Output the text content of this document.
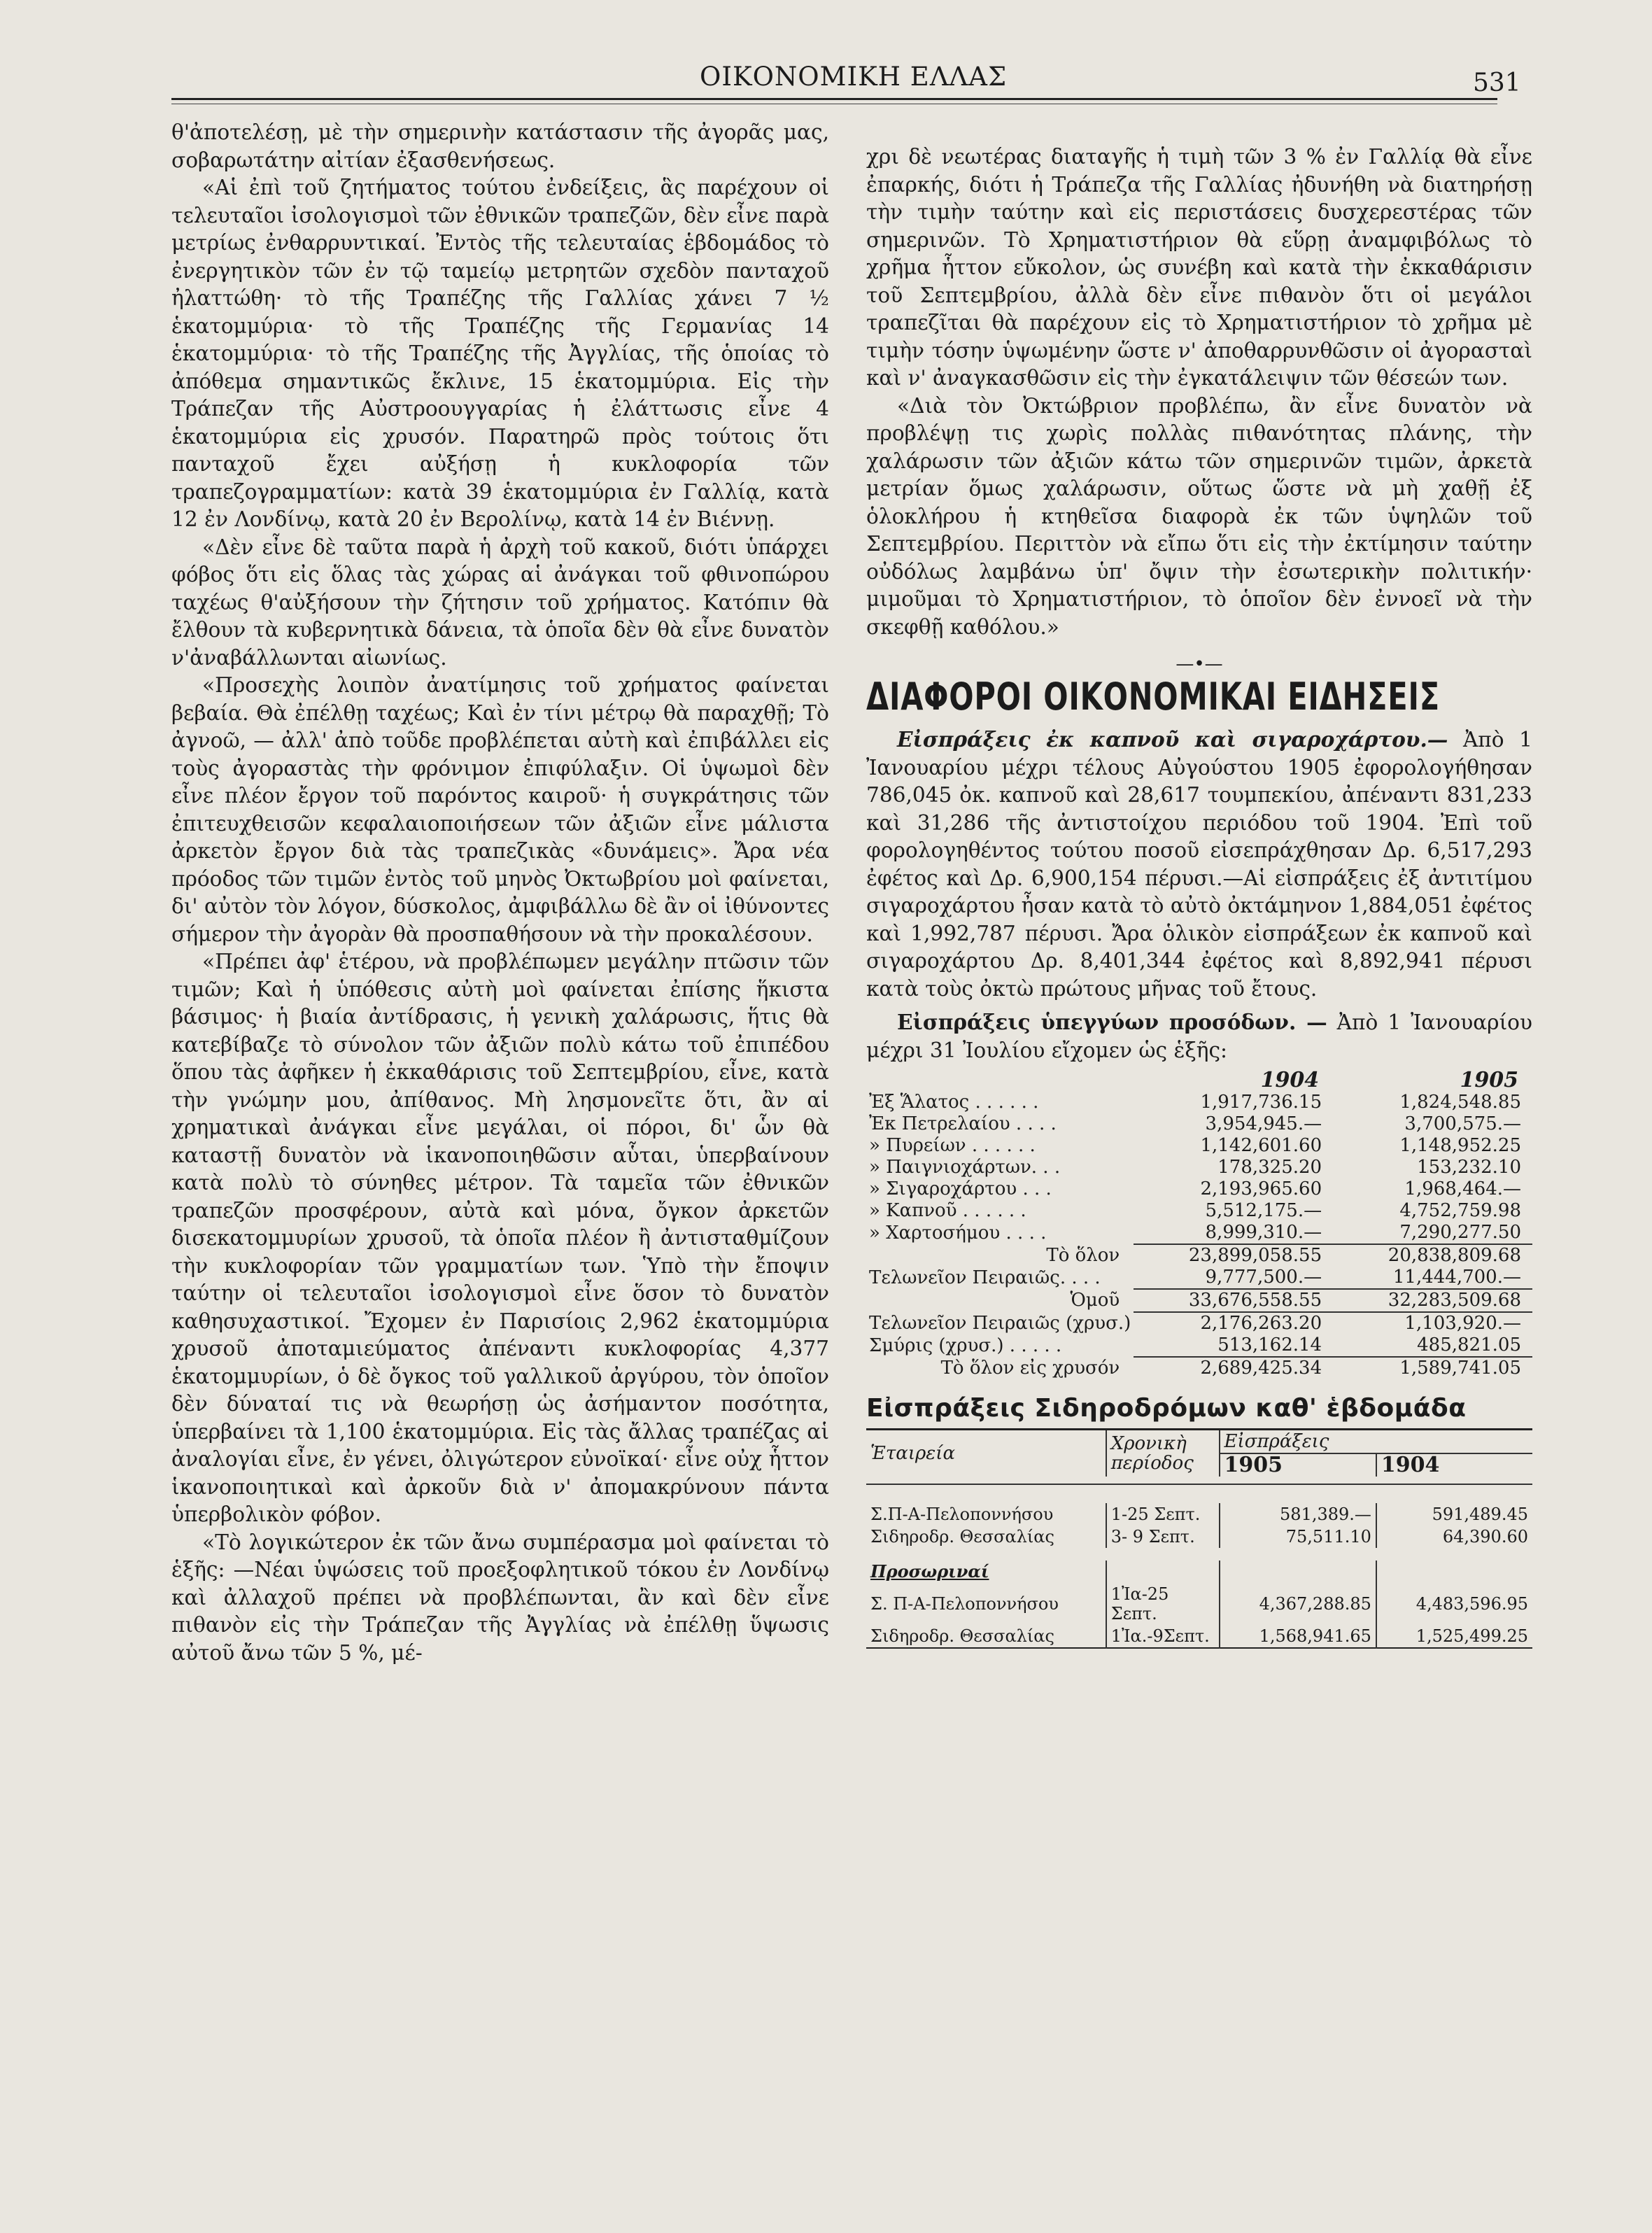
ΟΙΚΟΝΟΜΙΚΗ ΕΛΛΑΣ	531

θ'ἀποτελέσῃ, μὲ τὴν σημερινὴν κατάστασιν τῆς ἀγορᾶς μας, σοβαρωτάτην αἰτίαν ἐξασθενήσεως.

«Αἱ ἐπὶ τοῦ ζητήματος τούτου ἐνδείξεις, ἃς παρέχουν οἱ τελευταῖοι ἰσολογισμοὶ τῶν ἐθνικῶν τραπεζῶν, δὲν εἶνε παρὰ μετρίως ἐνθαρρυντικαί. Ἐντὸς τῆς τελευταίας ἑβδομάδος τὸ ἐνεργητικὸν τῶν ἐν τῷ ταμείῳ μετρητῶν σχεδὸν πανταχοῦ ἠλαττώθη· τὸ τῆς Τραπέζης τῆς Γαλλίας χάνει 7 ½ ἑκατομμύρια· τὸ τῆς Τραπέζης τῆς Γερμανίας 14 ἑκατομμύρια· τὸ τῆς Τραπέζης τῆς Ἀγγλίας, τῆς ὁποίας τὸ ἀπόθεμα σημαντικῶς ἔκλινε, 15 ἑκατομμύρια. Εἰς τὴν Τράπεζαν τῆς Αὐστροουγγαρίας ἡ ἐλάττωσις εἶνε 4 ἑκατομμύρια εἰς χρυσόν. Παρατηρῶ πρὸς τούτοις ὅτι πανταχοῦ ἔχει αὐξήσῃ ἡ κυκλοφορία τῶν τραπεζογραμματίων: κατὰ 39 ἑκατομμύρια ἐν Γαλλίᾳ, κατὰ 12 ἐν Λονδίνῳ, κατὰ 20 ἐν Βερολίνῳ, κατὰ 14 ἐν Βιέννῃ.

«Δὲν εἶνε δὲ ταῦτα παρὰ ἡ ἀρχὴ τοῦ κακοῦ, διότι ὑπάρχει φόβος ὅτι εἰς ὅλας τὰς χώρας αἱ ἀνάγκαι τοῦ φθινοπώρου ταχέως θ'αὐξήσουν τὴν ζήτησιν τοῦ χρήματος. Κατόπιν θὰ ἔλθουν τὰ κυβερνητικὰ δάνεια, τὰ ὁποῖα δὲν θὰ εἶνε δυνατὸν ν'ἀναβάλλωνται αἰωνίως.

«Προσεχὴς λοιπὸν ἀνατίμησις τοῦ χρήματος φαίνεται βεβαία. Θὰ ἐπέλθῃ ταχέως; Καὶ ἐν τίνι μέτρῳ θὰ παραχθῇ; Τὸ ἀγνοῶ, — ἀλλ' ἀπὸ τοῦδε προβλέπεται αὐτὴ καὶ ἐπιβάλλει εἰς τοὺς ἀγοραστὰς τὴν φρόνιμον ἐπιφύλαξιν. Οἱ ὑψωμοὶ δὲν εἶνε πλέον ἔργον τοῦ παρόντος καιροῦ· ἡ συγκράτησις τῶν ἐπιτευχθεισῶν κεφαλαιοποιήσεων τῶν ἀξιῶν εἶνε μάλιστα ἀρκετὸν ἔργον διὰ τὰς τραπεζικὰς «δυνάμεις». Ἄρα νέα πρόοδος τῶν τιμῶν ἐντὸς τοῦ μηνὸς Ὀκτωβρίου μοὶ φαίνεται, δι' αὐτὸν τὸν λόγον, δύσκολος, ἀμφιβάλλω δὲ ἂν οἱ ἰθύνοντες σήμερον τὴν ἀγορὰν θὰ προσπαθήσουν νὰ τὴν προκαλέσουν.

«Πρέπει ἀφ' ἑτέρου, νὰ προβλέπωμεν μεγάλην πτῶσιν τῶν τιμῶν; Καὶ ἡ ὑπόθεσις αὐτὴ μοὶ φαίνεται ἐπίσης ἥκιστα βάσιμος· ἡ βιαία ἀντίδρασις, ἡ γενικὴ χαλάρωσις, ἥτις θὰ κατεβίβαζε τὸ σύνολον τῶν ἀξιῶν πολὺ κάτω τοῦ ἐπιπέδου ὅπου τὰς ἀφῆκεν ἡ ἐκκαθάρισις τοῦ Σεπτεμβρίου, εἶνε, κατὰ τὴν γνώμην μου, ἀπίθανος. Μὴ λησμονεῖτε ὅτι, ἂν αἱ χρηματικαὶ ἀνάγκαι εἶνε μεγάλαι, οἱ πόροι, δι' ὧν θὰ καταστῇ δυνατὸν νὰ ἱκανοποιηθῶσιν αὗται, ὑπερβαίνουν κατὰ πολὺ τὸ σύνηθες μέτρον. Τὰ ταμεῖα τῶν ἐθνικῶν τραπεζῶν προσφέρουν, αὐτὰ καὶ μόνα, ὄγκον ἀρκετῶν δισεκατομμυρίων χρυσοῦ, τὰ ὁποῖα πλέον ἢ ἀντισταθμίζουν τὴν κυκλοφορίαν τῶν γραμματίων των. Ὑπὸ τὴν ἔποψιν ταύτην οἱ τελευταῖοι ἰσολογισμοὶ εἶνε ὅσον τὸ δυνατὸν καθησυχαστικοί. Ἔχομεν ἐν Παρισίοις 2,962 ἑκατομμύρια χρυσοῦ ἀποταμιεύματος ἀπέναντι κυκλοφορίας 4,377 ἑκατομμυρίων, ὁ δὲ ὄγκος τοῦ γαλλικοῦ ἀργύρου, τὸν ὁποῖον δὲν δύναταί τις νὰ θεωρήσῃ ὡς ἀσήμαντον ποσότητα, ὑπερβαίνει τὰ 1,100 ἑκατομμύρια. Εἰς τὰς ἄλλας τραπέζας αἱ ἀναλογίαι εἶνε, ἐν γένει, ὀλιγώτερον εὐνοϊκαί· εἶνε οὐχ ἧττον ἱκανοποιητικαὶ καὶ ἀρκοῦν διὰ ν' ἀπομακρύνουν πάντα ὑπερβολικὸν φόβον.

«Τὸ λογικώτερον ἐκ τῶν ἄνω συμπέρασμα μοὶ φαίνεται τὸ ἑξῆς: —Νέαι ὑψώσεις τοῦ προεξοφλητικοῦ τόκου ἐν Λονδίνῳ καὶ ἀλλαχοῦ πρέπει νὰ προβλέπωνται, ἂν καὶ δὲν εἶνε πιθανὸν εἰς τὴν Τράπεζαν τῆς Ἀγγλίας νὰ ἐπέλθῃ ὕψωσις αὐτοῦ ἄνω τῶν 5 %, μέ-

χρι δὲ νεωτέρας διαταγῆς ἡ τιμὴ τῶν 3 % ἐν Γαλλίᾳ θὰ εἶνε ἐπαρκής, διότι ἡ Τράπεζα τῆς Γαλλίας ἠδυνήθη νὰ διατηρήσῃ τὴν τιμὴν ταύτην καὶ εἰς περιστάσεις δυσχερεστέρας τῶν σημερινῶν. Τὸ Χρηματιστήριον θὰ εὕρῃ ἀναμφιβόλως τὸ χρῆμα ἧττον εὔκολον, ὡς συνέβη καὶ κατὰ τὴν ἐκκαθάρισιν τοῦ Σεπτεμβρίου, ἀλλὰ δὲν εἶνε πιθανὸν ὅτι οἱ μεγάλοι τραπεζῖται θὰ παρέχουν εἰς τὸ Χρηματιστήριον τὸ χρῆμα μὲ τιμὴν τόσην ὑψωμένην ὥστε ν' ἀποθαρρυνθῶσιν οἱ ἀγορασταὶ καὶ ν' ἀναγκασθῶσιν εἰς τὴν ἐγκατάλειψιν τῶν θέσεών των.

«Διὰ τὸν Ὀκτώβριον προβλέπω, ἂν εἶνε δυνατὸν νὰ προβλέψῃ τις χωρὶς πολλὰς πιθανότητας πλάνης, τὴν χαλάρωσιν τῶν ἀξιῶν κάτω τῶν σημερινῶν τιμῶν, ἀρκετὰ μετρίαν ὅμως χαλάρωσιν, οὕτως ὥστε νὰ μὴ χαθῇ ἐξ ὁλοκλήρου ἡ κτηθεῖσα διαφορὰ ἐκ τῶν ὑψηλῶν τοῦ Σεπτεμβρίου. Περιττὸν νὰ εἴπω ὅτι εἰς τὴν ἐκτίμησιν ταύτην οὐδόλως λαμβάνω ὑπ' ὄψιν τὴν ἐσωτερικὴν πολιτικήν· μιμοῦμαι τὸ Χρηματιστήριον, τὸ ὁποῖον δὲν ἐννοεῖ νὰ τὴν σκεφθῇ καθόλου.»

—•—
ΔΙΑΦΟΡΟΙ ΟΙΚΟΝΟΜΙΚΑΙ ΕΙΔΗΣΕΙΣ

Εἰσπράξεις ἐκ καπνοῦ καὶ σιγαροχάρτου.— Ἀπὸ 1 Ἰανουαρίου μέχρι τέλους Αὐγούστου 1905 ἐφορολογήθησαν 786,045 ὀκ. καπνοῦ καὶ 28,617 τουμπεκίου, ἀπέναντι 831,233 καὶ 31,286 τῆς ἀντιστοίχου περιόδου τοῦ 1904. Ἐπὶ τοῦ φορολογηθέντος τούτου ποσοῦ εἰσεπράχθησαν Δρ. 6,517,293 ἐφέτος καὶ Δρ. 6,900,154 πέρυσι.—Αἱ εἰσπράξεις ἐξ ἀντιτίμου σιγαροχάρτου ἦσαν κατὰ τὸ αὐτὸ ὀκτάμηνον 1,884,051 ἐφέτος καὶ 1,992,787 πέρυσι. Ἄρα ὁλικὸν εἰσπράξεων ἐκ καπνοῦ καὶ σιγαροχάρτου Δρ. 8,401,344 ἐφέτος καὶ 8,892,941 πέρυσι κατὰ τοὺς ὀκτὼ πρώτους μῆνας τοῦ ἔτους.

Εἰσπράξεις ὑπεγγύων προσόδων. — Ἀπὸ 1 Ἰανουαρίου μέχρι 31 Ἰουλίου εἴχομεν ὡς ἑξῆς:

	1904	1905
Ἐξ Ἅλατος . . . . . .	1,917,736.15	1,824,548.85
Ἐκ Πετρελαίου . . . .	3,954,945.—	3,700,575.—
» Πυρείων . . . . . .	1,142,601.60	1,148,952.25
» Παιγνιοχάρτων. . .	178,325.20	153,232.10
» Σιγαροχάρτου . . .	2,193,965.60	1,968,464.—
» Καπνοῦ . . . . . .	5,512,175.—	4,752,759.98
» Χαρτοσήμου . . . .	8,999,310.—	7,290,277.50
Τὸ ὅλον	23,899,058.55	20,838,809.68
Τελωνεῖον Πειραιῶς. . . .	9,777,500.—	11,444,700.—
Ὁμοῦ	33,676,558.55	32,283,509.68
Τελωνεῖον Πειραιῶς (χρυσ.)	2,176,263.20	1,103,920.—
Σμύρις (χρυσ.) . . . . .	513,162.14	485,821.05
Τὸ ὅλον εἰς χρυσόν	2,689,425.34	1,589,741.05
Εἰσπράξεις Σιδηροδρόμων καθ' ἑβδομάδα
Ἑταιρεία	Χρονικὴ περίοδος	Εἰσπράξεις	
		1905	1904

Σ.Π-Α-Πελοποννήσου	1-25 Σεπτ.	581,389.—	591,489.45
Σιδηροδρ. Θεσσαλίας	3- 9 Σεπτ.	75,511.10	64,390.60

Προσωριναί			
Σ. Π-Α-Πελοποννήσου	1Ἰα-25 Σεπτ.	4,367,288.85	4,483,596.95
Σιδηροδρ. Θεσσαλίας	1Ἰα.-9Σεπτ.	1,568,941.65	1,525,499.25
